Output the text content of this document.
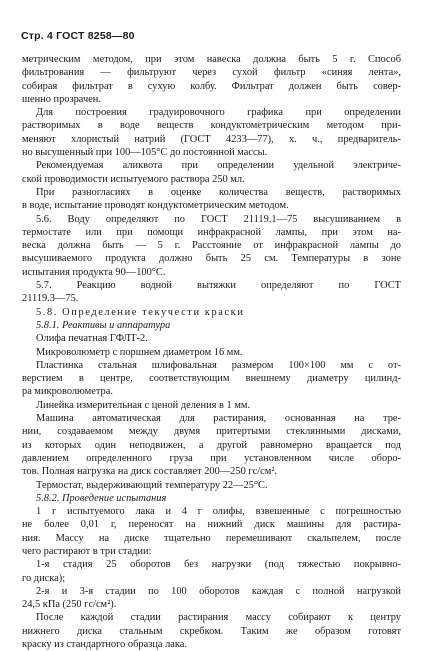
Стр. 4 ГОСТ 8258—80
метрическим методом, при этом навеска должна быть 5 г. Способ
фильтрования — фильтруют через сухой фильтр «синяя лента»,
собирая фильтрат в сухую колбу. Фильтрат должен быть совер-
шенно прозрачен.
Для построения градуировочного графика при определении
растворимых в воде веществ кондуктометрическим методом при-
меняют хлористый натрий (ГОСТ 4233—77), х. ч., предваритель-
но высушенный при 100—105°С до постоянной массы.
Рекомендуемая аликвота при определении удельной электриче-
ской проводимости испытуемого раствора 250 мл.
При разногласиях в оценке количества веществ, растворимых
в воде, испытание проводят кондуктометрическим методом.
5.6. Воду определяют по ГОСТ 21119.1—75 высушиванием в
термостате или при помощи инфракрасной лампы, при этом на-
веска должна быть — 5 г. Расстояние от инфракрасной лампы до
высушиваемого продукта должно быть 25 см. Температуры в зоне
испытания продукта 90—100°С.
5.7. Реакцию водной вытяжки определяют по ГОСТ
21119.3—75.
5.8. Определение текучести краски
5.8.1. Реактивы и аппаратура
Олифа печатная ГФЛТ-2.
Микроволюметр с поршнем диаметром 16 мм.
Пластинка стальная шлифовальная размером 100×100 мм с от-
верстием в центре, соответствующим внешнему диаметру цилинд-
ра микроволюметра.
Линейка измерительная с ценой деления в 1 мм.
Машина автоматическая для растирания, основанная на тре-
нии, создаваемом между двумя притертыми стеклянными дисками,
из которых один неподвижен, а другой равномерно вращается под
давлением определенного груза при установленном числе оборо-
тов. Полная нагрузка на диск составляет 200—250 гс/см².
Термостат, выдерживающий температуру 22—25°С.
5.8.2. Проведение испытания
1 г испытуемого лака и 4 г олифы, взвешенные с погрешностью
не более 0,01 г, переносят на нижний диск машины для растира-
ния. Массу на диске тщательно перемешивают скальпелем, после
чего растирают в три стадии:
1-я стадия 25 оборотов без нагрузки (под тяжестью покрывно-
го диска);
2-я и 3-я стадии по 100 оборотов каждая с полной нагрузкой
24,5 кПа (250 гс/см²).
После каждой стадии растирания массу собирают к центру
нижнего диска стальным скребком. Таким же образом готовят
краску из стандартного образца лака.
